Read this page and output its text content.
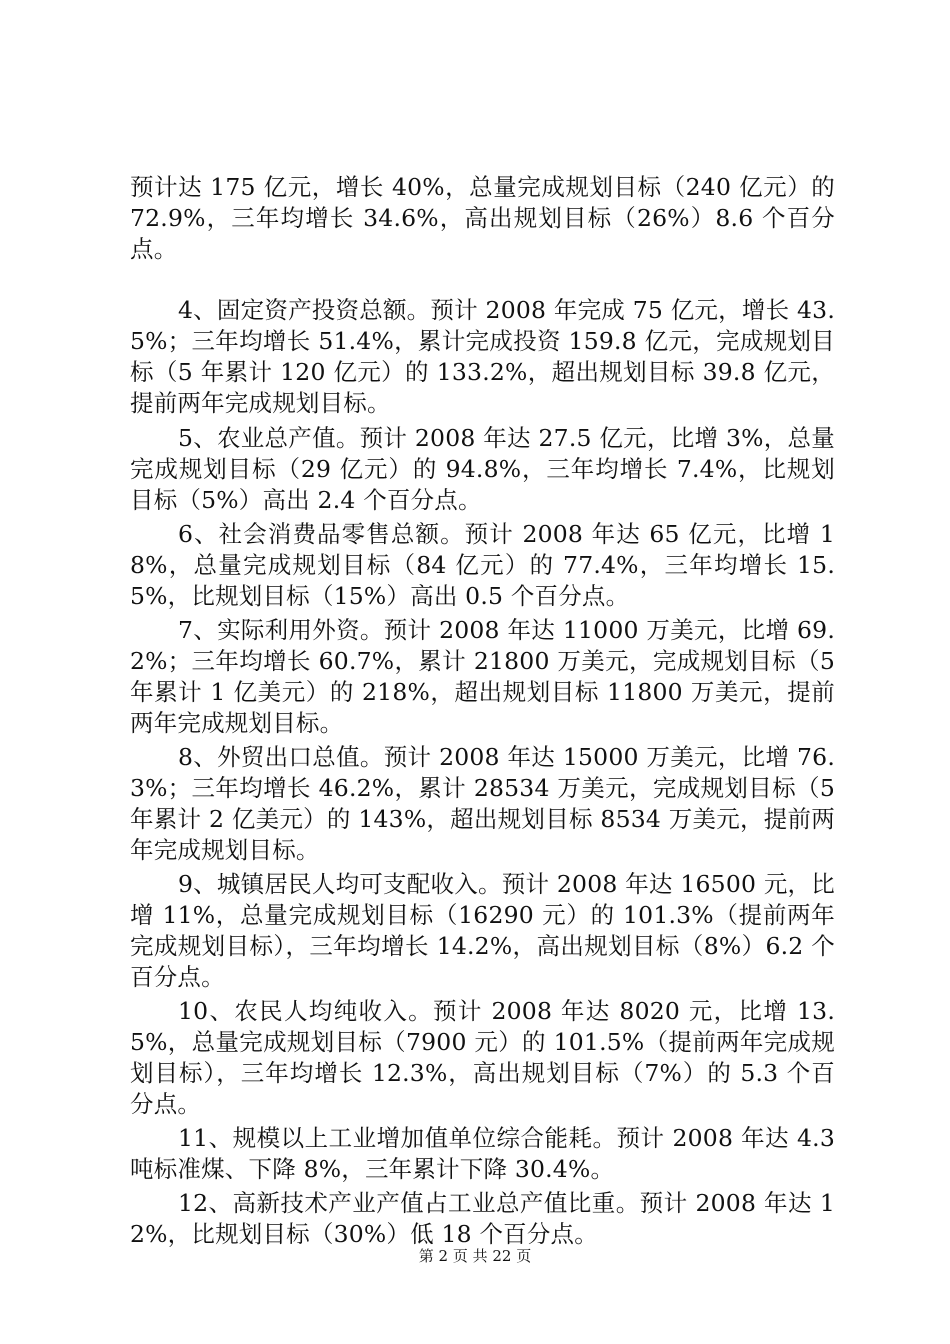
预计达 175 亿元，增长 40%，总量完成规划目标（240 亿元）的 72.9%，三年均增长 34.6%，高出规划目标（26%）8.6 个百分点。

4、固定资产投资总额。预计 2008 年完成 75 亿元，增长 43.5%；三年均增长 51.4%，累计完成投资 159.8 亿元，完成规划目标（5 年累计 120 亿元）的 133.2%，超出规划目标 39.8 亿元，提前两年完成规划目标。

5、农业总产值。预计 2008 年达 27.5 亿元，比增 3%，总量完成规划目标（29 亿元）的 94.8%，三年均增长 7.4%，比规划目标（5%）高出 2.4 个百分点。

6、社会消费品零售总额。预计 2008 年达 65 亿元，比增 18%，总量完成规划目标（84 亿元）的 77.4%，三年均增长 15.5%，比规划目标（15%）高出 0.5 个百分点。

7、实际利用外资。预计 2008 年达 11000 万美元，比增 69.2%；三年均增长 60.7%，累计 21800 万美元，完成规划目标（5 年累计 1 亿美元）的 218%，超出规划目标 11800 万美元，提前两年完成规划目标。

8、外贸出口总值。预计 2008 年达 15000 万美元，比增 76.3%；三年均增长 46.2%，累计 28534 万美元，完成规划目标（5 年累计 2 亿美元）的 143%，超出规划目标 8534 万美元，提前两年完成规划目标。

9、城镇居民人均可支配收入。预计 2008 年达 16500 元，比增 11%，总量完成规划目标（16290 元）的 101.3%（提前两年完成规划目标），三年均增长 14.2%，高出规划目标（8%）6.2 个百分点。

10、农民人均纯收入。预计 2008 年达 8020 元，比增 13.5%，总量完成规划目标（7900 元）的 101.5%（提前两年完成规划目标），三年均增长 12.3%，高出规划目标（7%）的 5.3 个百分点。

11、规模以上工业增加值单位综合能耗。预计 2008 年达 4.3 吨标准煤、下降 8%，三年累计下降 30.4%。

12、高新技术产业产值占工业总产值比重。预计 2008 年达 12%，比规划目标（30%）低 18 个百分点。

第 2 页 共 22 页
